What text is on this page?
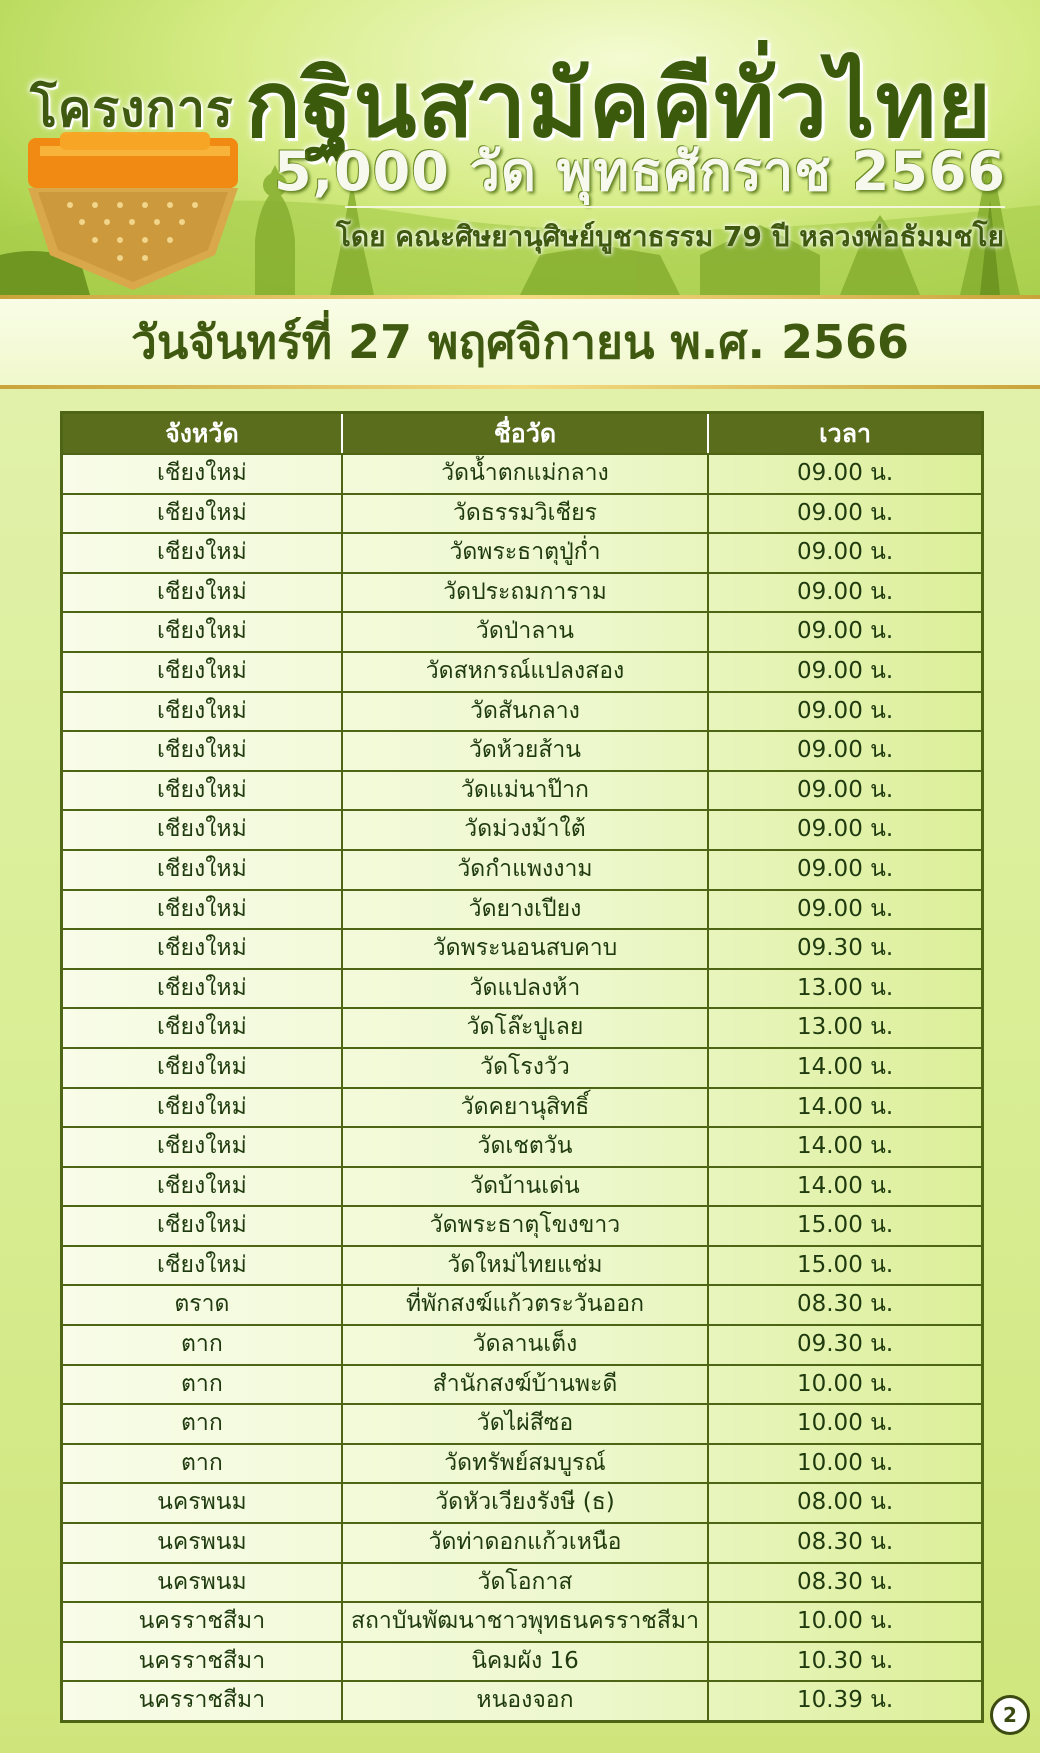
โครงการ กฐินสามัคคีทั่วไทย
5,000 วัด พุทธศักราช 2566
โดย คณะศิษยานุศิษย์บูชาธรรม 79 ปี หลวงพ่อธัมมชโย
วันจันทร์ที่ 27 พฤศจิกายน พ.ศ. 2566
จังหวัด	ชื่อวัด	เวลา
เชียงใหม่	วัดน้ำตกแม่กลาง	09.00 น.
เชียงใหม่	วัดธรรมวิเชียร	09.00 น.
เชียงใหม่	วัดพระธาตุปู่ก่ำ	09.00 น.
เชียงใหม่	วัดประถมการาม	09.00 น.
เชียงใหม่	วัดป่าลาน	09.00 น.
เชียงใหม่	วัดสหกรณ์แปลงสอง	09.00 น.
เชียงใหม่	วัดสันกลาง	09.00 น.
เชียงใหม่	วัดห้วยส้าน	09.00 น.
เชียงใหม่	วัดแม่นาป๊าก	09.00 น.
เชียงใหม่	วัดม่วงม้าใต้	09.00 น.
เชียงใหม่	วัดกำแพงงาม	09.00 น.
เชียงใหม่	วัดยางเปียง	09.00 น.
เชียงใหม่	วัดพระนอนสบคาบ	09.30 น.
เชียงใหม่	วัดแปลงห้า	13.00 น.
เชียงใหม่	วัดโล๊ะปูเลย	13.00 น.
เชียงใหม่	วัดโรงวัว	14.00 น.
เชียงใหม่	วัดคยานุสิทธิ์	14.00 น.
เชียงใหม่	วัดเชตวัน	14.00 น.
เชียงใหม่	วัดบ้านเด่น	14.00 น.
เชียงใหม่	วัดพระธาตุโขงขาว	15.00 น.
เชียงใหม่	วัดใหม่ไทยแช่ม	15.00 น.
ตราด	ที่พักสงฆ์แก้วตระวันออก	08.30 น.
ตาก	วัดลานเต็ง	09.30 น.
ตาก	สำนักสงฆ์บ้านพะดี	10.00 น.
ตาก	วัดไผ่สีซอ	10.00 น.
ตาก	วัดทรัพย์สมบูรณ์	10.00 น.
นครพนม	วัดหัวเวียงรังษี (ธ)	08.00 น.
นครพนม	วัดท่าดอกแก้วเหนือ	08.30 น.
นครพนม	วัดโอกาส	08.30 น.
นครราชสีมา	สถาบันพัฒนาชาวพุทธนครราชสีมา	10.00 น.
นครราชสีมา	นิคมผัง 16	10.30 น.
นครราชสีมา	หนองจอก	10.39 น.
2
